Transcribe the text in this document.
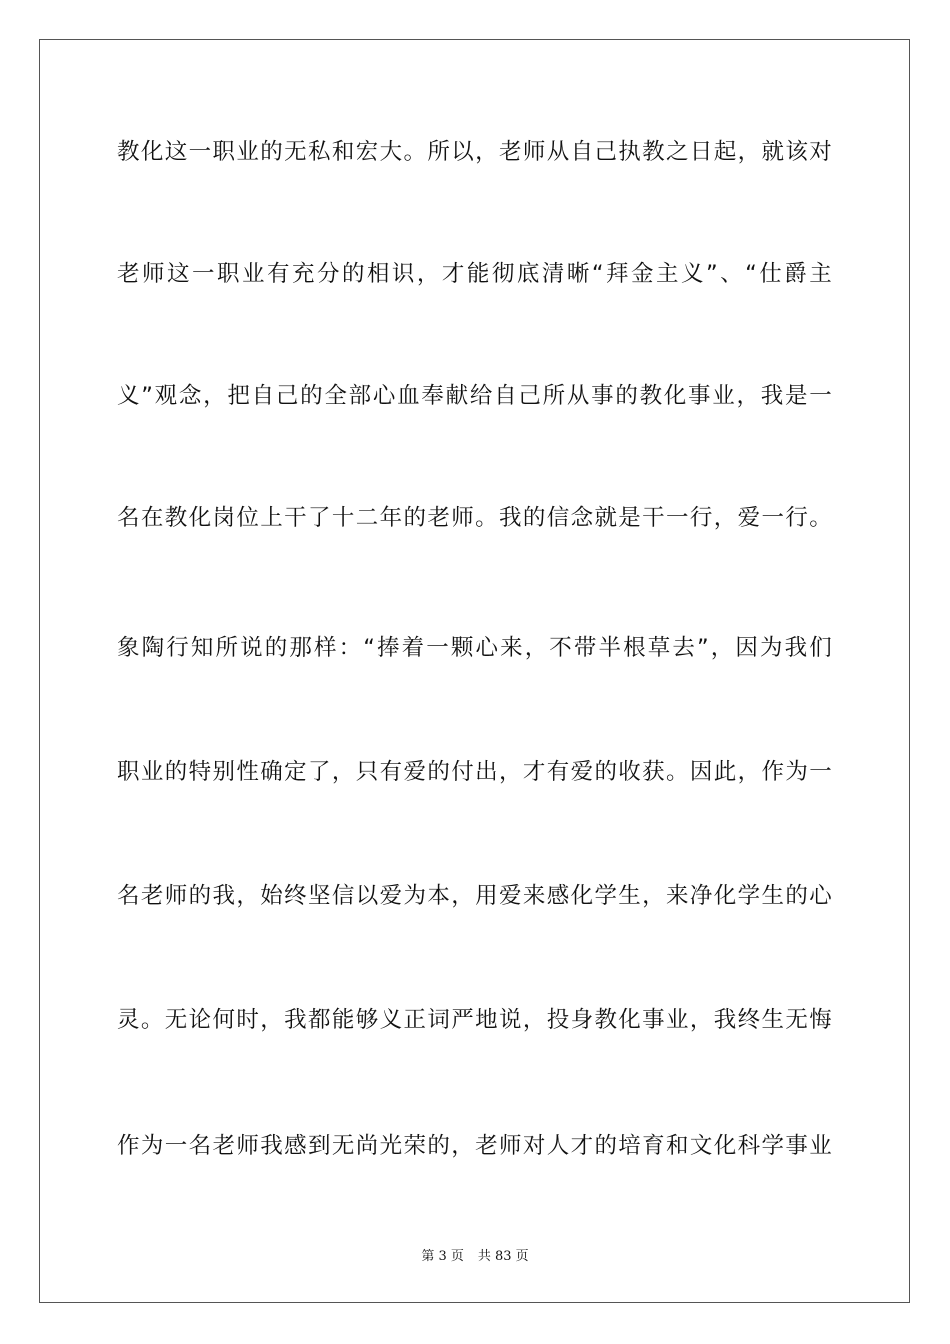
教化这一职业的无私和宏大。所以，老师从自己执教之日起，就该对
老师这一职业有充分的相识，才能彻底清晰“拜金主义”、“仕爵主
义”观念，把自己的全部心血奉献给自己所从事的教化事业，我是一
名在教化岗位上干了十二年的老师。我的信念就是干一行，爱一行。
象陶行知所说的那样：“捧着一颗心来，不带半根草去”，因为我们
职业的特别性确定了，只有爱的付出，才有爱的收获。因此，作为一
名老师的我，始终坚信以爱为本，用爱来感化学生，来净化学生的心
灵。无论何时，我都能够义正词严地说，投身教化事业，我终生无悔
作为一名老师我感到无尚光荣的，老师对人才的培育和文化科学事业
第 3 页 共 83 页
